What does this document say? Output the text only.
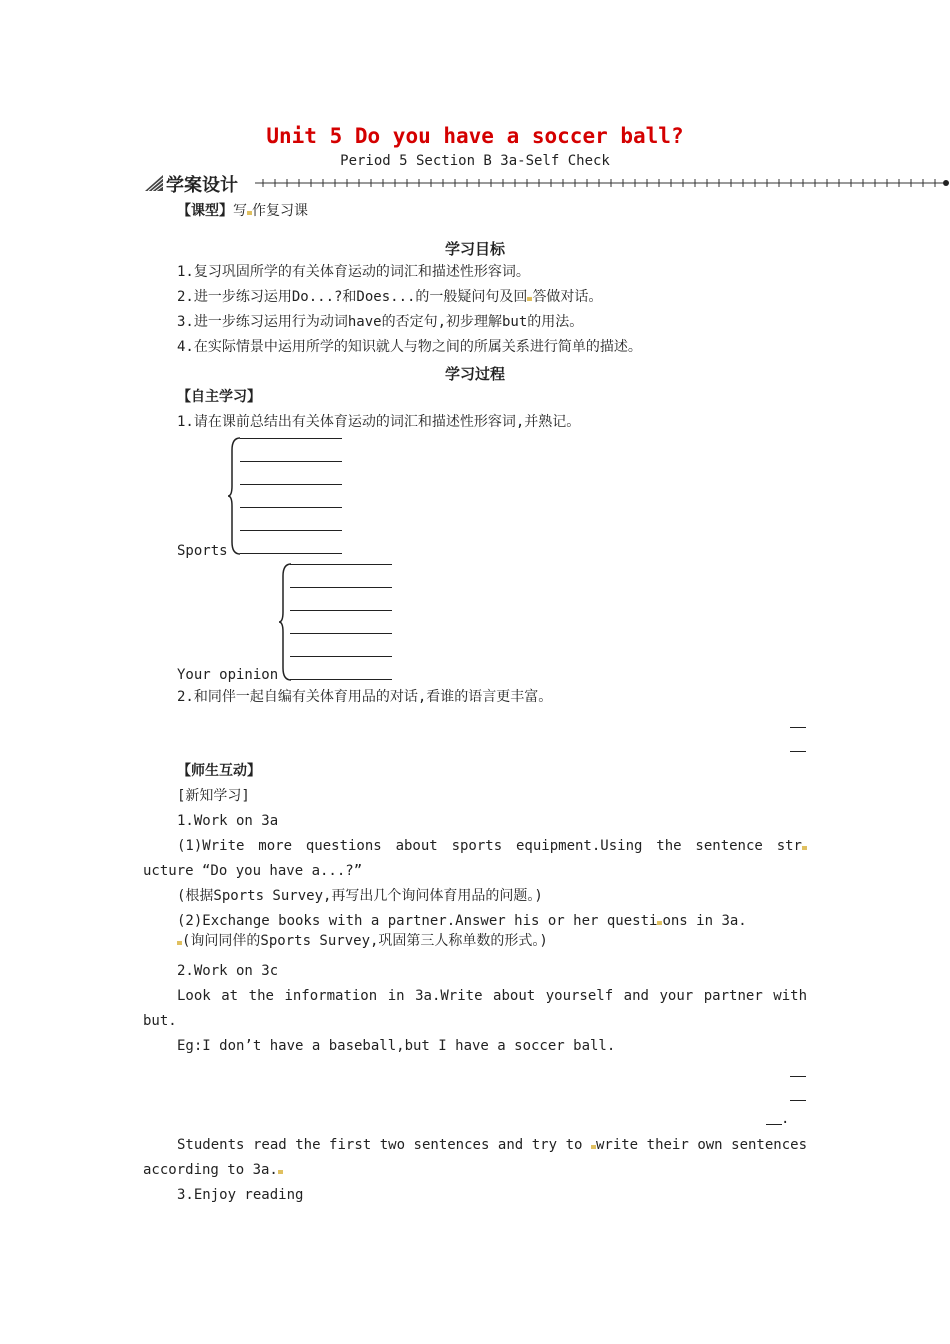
Unit 5 Do you have a soccer ball?
Period 5 Section B 3a-Self Check
学案设计
【课型】写 作复习课
学习目标
1.复习巩固所学的有关体育运动的词汇和描述性形容词。
2.进一步练习运用Do...?和Does...的一般疑问句及回 答做对话。
3.进一步练习运用行为动词have的否定句,初步理解but的用法。
4.在实际情景中运用所学的知识就人与物之间的所属关系进行简单的描述。
学习过程
【自主学习】
1.请在课前总结出有关体育运动的词汇和描述性形容词,并熟记。
Sports
Your opinion
2.和同伴一起自编有关体育用品的对话,看谁的语言更丰富。
【师生互动】
[新知学习]
1.Work on 3a
(1)Write more questions about sports equipment.Using the sentence str
ucture “Do you have a...?”
(根据Sports Survey,再写出几个询问体育用品的问题。)
(2)Exchange books with a partner.Answer his or her questi ons in 3a.
(询问同伴的Sports Survey,巩固第三人称单数的形式。)
2.Work on 3c
Look at the information in 3a.Write about yourself and your partner with
but.
Eg:I don’t have a baseball,but I have a soccer ball.
.
Students read the first two sentences and try to write their own sentences
according to 3a.
3.Enjoy reading
